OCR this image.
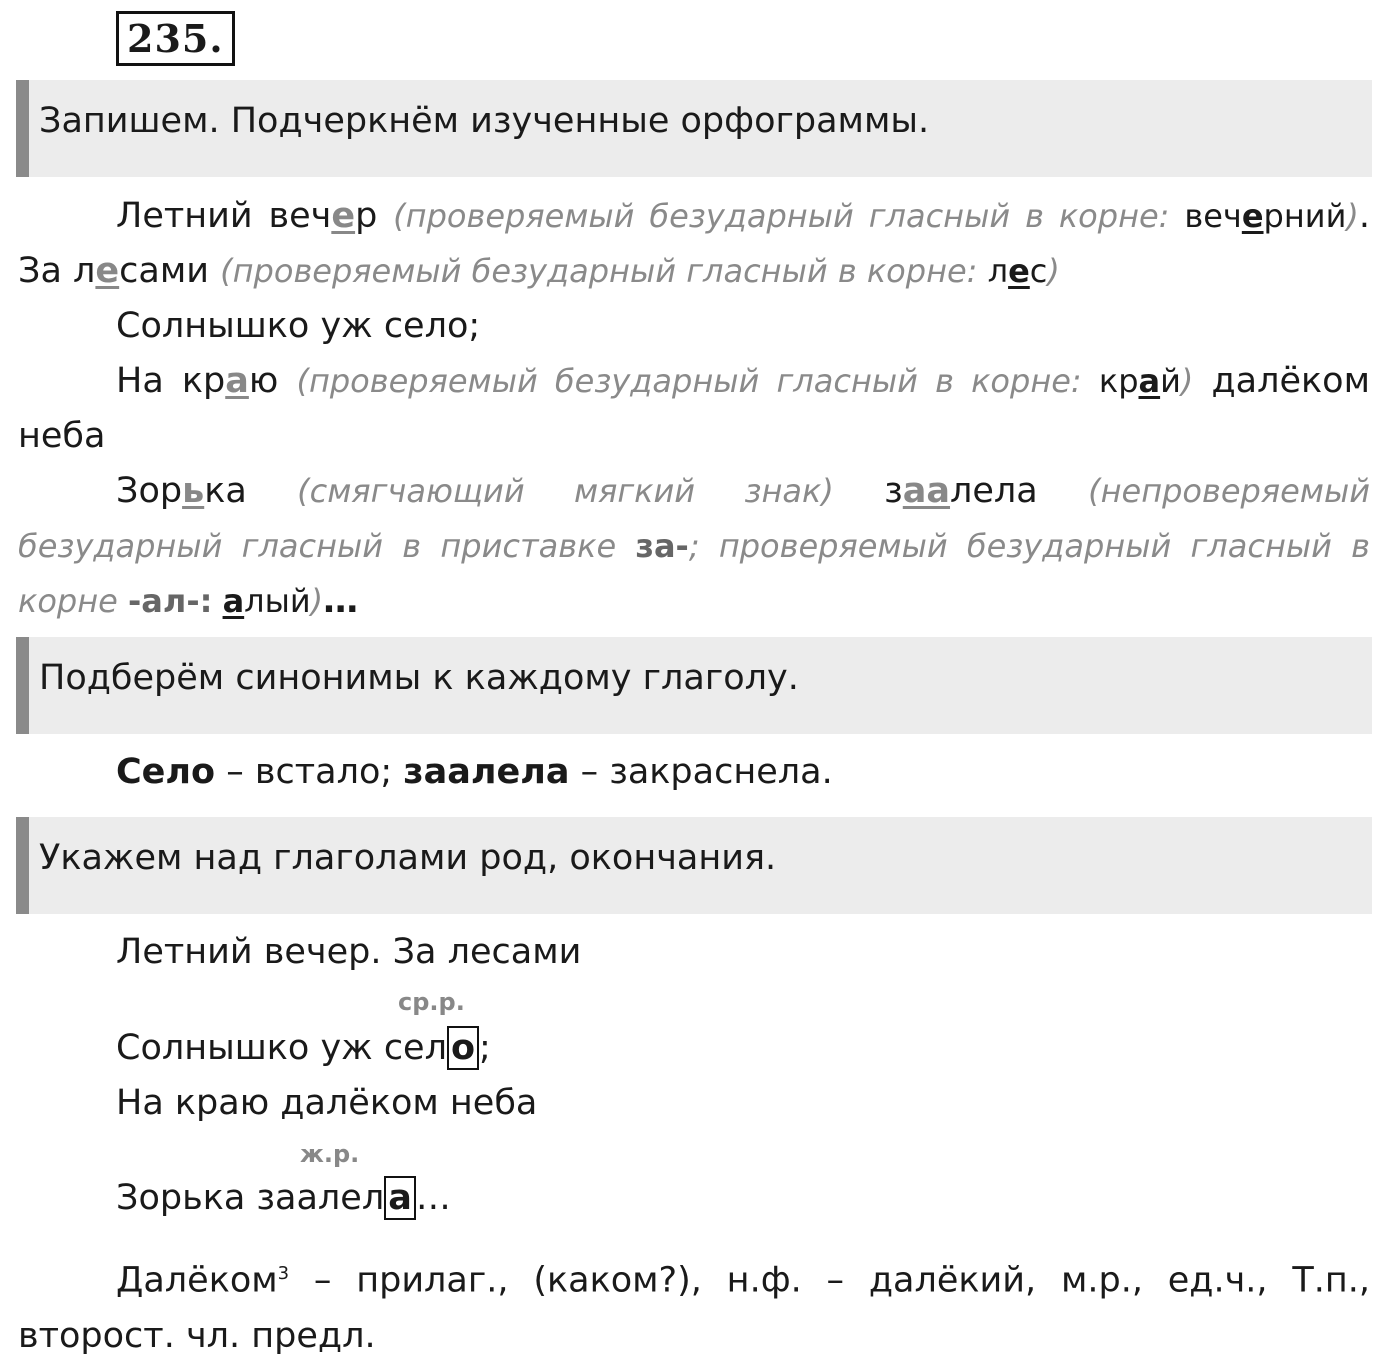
235.
Запишем. Подчеркнём изученные орфограммы.

Летний вечер (проверяемый безударный гласный в корне: вечерний). За лесами (проверяемый безударный гласный в корне: лес)

Солнышко уж село;

На краю (проверяемый безударный гласный в корне: край) далёком неба

Зорька (смягчающий мягкий знак) заалела (непроверяемый безударный гласный в приставке за-; проверяемый безударный гласный в корне -ал-: алый)…

Подберём синонимы к каждому глаголу.
Село – встало; заалела – закраснела.
Укажем над глаголами род, окончания.
Летний вечер. За лесами
ср.р.
Солнышко уж сел о ;
На краю далёком неба
ж.р.
Зорька заалел а …

Далёком$^3$ – прилаг., (каком?), н.ф. – далёкий, м.р., ед.ч., Т.п., второст. чл. предл.
